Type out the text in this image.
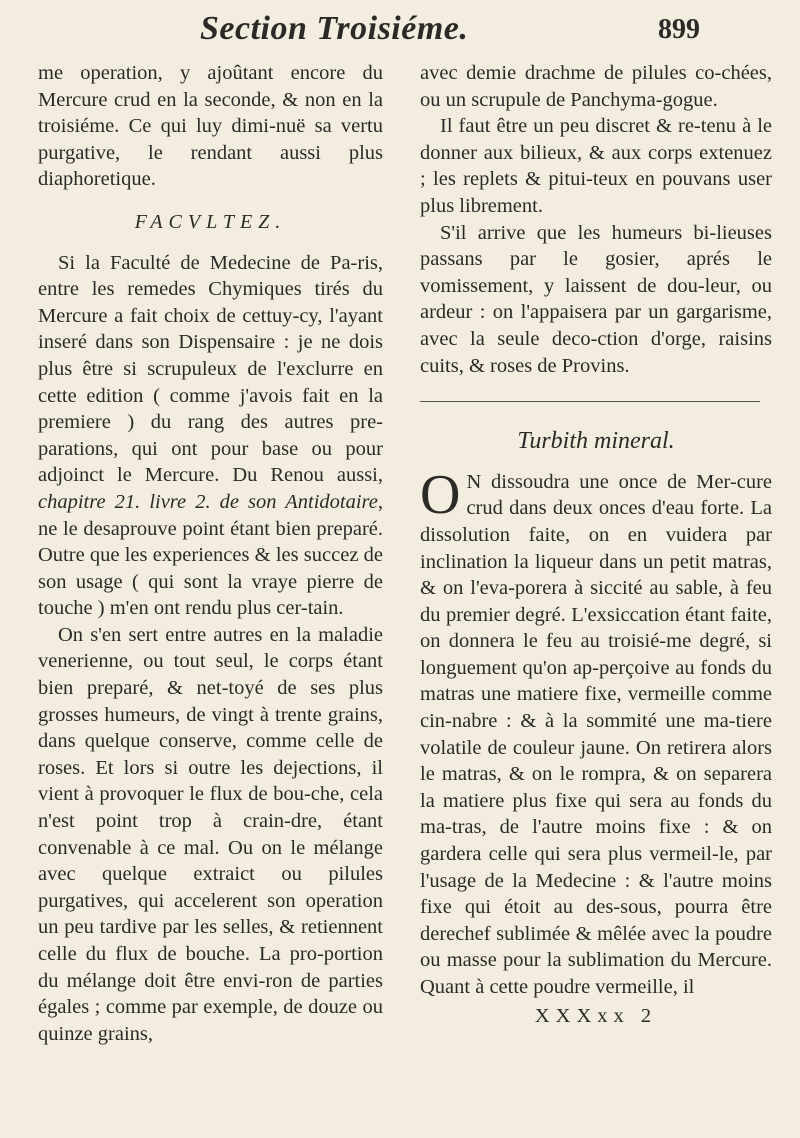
Section Troisiéme.	899

me operation, y ajoûtant encore du Mercure crud en la seconde, & non en la troisiéme. Ce qui luy dimi-nuë sa vertu purgative, le rendant aussi plus diaphoretique.

FACVLTEZ.

Si la Faculté de Medecine de Pa-ris, entre les remedes Chymiques tirés du Mercure a fait choix de cettuy-cy, l'ayant inseré dans son Dispensaire : je ne dois plus être si scrupuleux de l'exclurre en cette edition ( comme j'avois fait en la premiere ) du rang des autres pre-parations, qui ont pour base ou pour adjoinct le Mercure. Du Renou aussi, chapitre 21. livre 2. de son Antidotaire, ne le desaprouve point étant bien preparé. Outre que les experiences & les succez de son usage ( qui sont la vraye pierre de touche ) m'en ont rendu plus cer-tain.

On s'en sert entre autres en la maladie venerienne, ou tout seul, le corps étant bien preparé, & net-toyé de ses plus grosses humeurs, de vingt à trente grains, dans quelque conserve, comme celle de roses. Et lors si outre les dejections, il vient à provoquer le flux de bou-che, cela n'est point trop à crain-dre, étant convenable à ce mal. Ou on le mélange avec quelque extraict ou pilules purgatives, qui accelerent son operation un peu tardive par les selles, & retiennent celle du flux de bouche. La pro-portion du mélange doit être envi-ron de parties égales ; comme par exemple, de douze ou quinze grains,

avec demie drachme de pilules co-chées, ou un scrupule de Panchyma-gogue.

Il faut être un peu discret & re-tenu à le donner aux bilieux, & aux corps extenuez ; les replets & pitui-teux en pouvans user plus librement.

S'il arrive que les humeurs bi-lieuses passans par le gosier, aprés le vomissement, y laissent de dou-leur, ou ardeur : on l'appaisera par un gargarisme, avec la seule deco-ction d'orge, raisins cuits, & roses de Provins.

Turbith mineral.

O N dissoudra une once de Mer-cure crud dans deux onces d'eau forte. La dissolution faite, on en vuidera par inclination la liqueur dans un petit matras, & on l'eva-porera à siccité au sable, à feu du premier degré. L'exsiccation étant faite, on donnera le feu au troisié-me degré, si longuement qu'on ap-perçoive au fonds du matras une matiere fixe, vermeille comme cin-nabre : & à la sommité une ma-tiere volatile de couleur jaune. On retirera alors le matras, & on le rompra, & on separera la matiere plus fixe qui sera au fonds du ma-tras, de l'autre moins fixe : & on gardera celle qui sera plus vermeil-le, par l'usage de la Medecine : & l'autre moins fixe qui étoit au des-sous, pourra être derechef sublimée & mêlée avec la poudre ou masse pour la sublimation du Mercure. Quant à cette poudre vermeille, il

XXXxx 2
